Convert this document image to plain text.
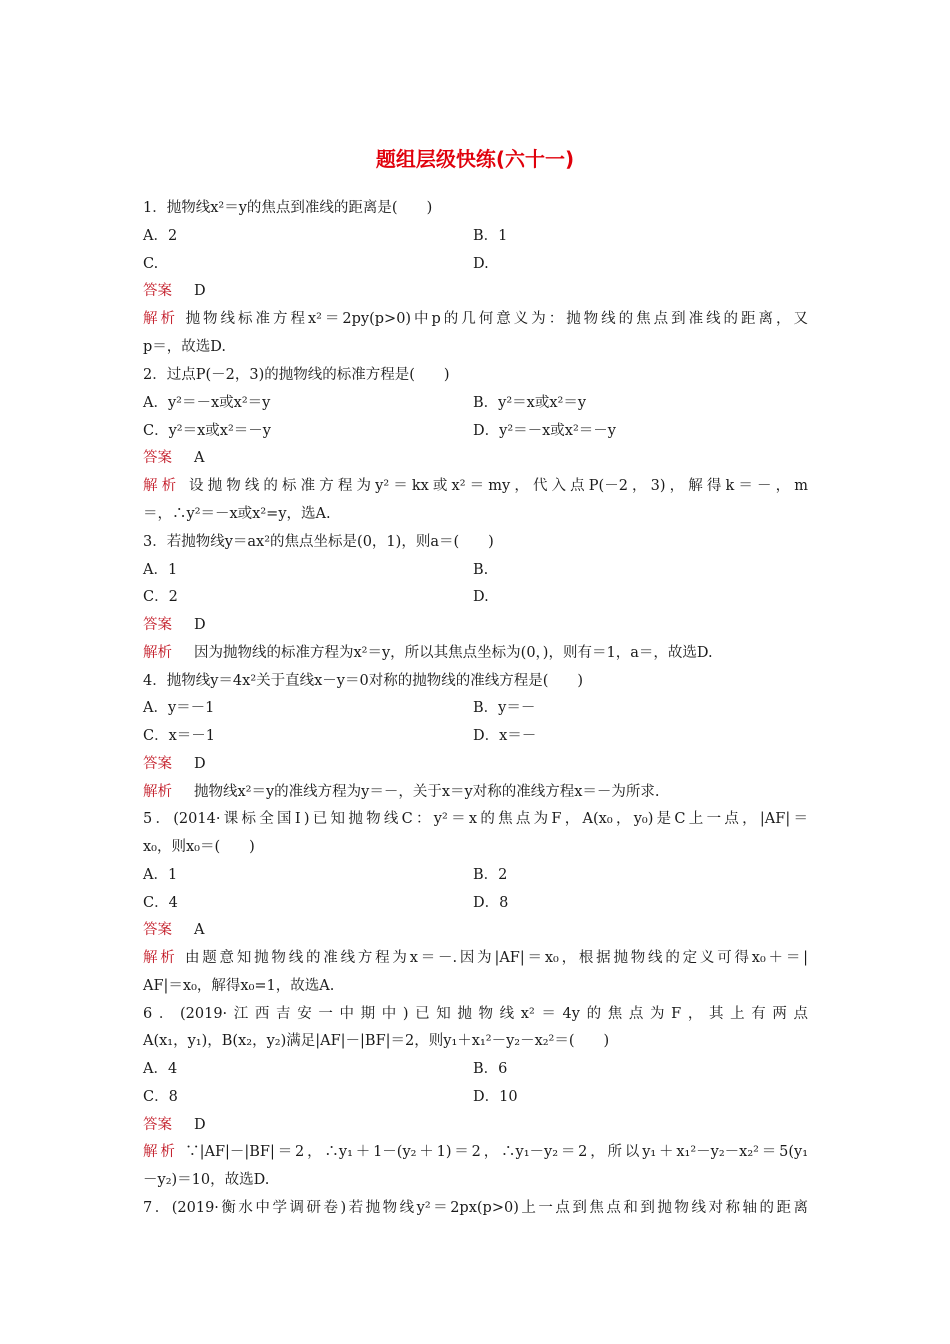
题组层级快练(六十一)
1．抛物线x²＝y的焦点到准线的距离是(　　)
A．2	B．1
C.	D.
答案 D
解析 抛物线标准方程x²＝2py(p>0)中p的几何意义为：抛物线的焦点到准线的距离，又
p＝，故选D.
2．过点P(－2，3)的抛物线的标准方程是(　　)
A．y²＝－x或x²＝y	B．y²＝x或x²＝y
C．y²＝x或x²＝－y	D．y²＝－x或x²＝－y
答案 A
解析 设抛物线的标准方程为y²＝kx或x²＝my，代入点P(－2，3)，解得k＝－，m
＝，∴y²＝－x或x²=y，选A.
3．若抛物线y＝ax²的焦点坐标是(0，1)，则a＝(　　)
A．1	B.
C．2	D.
答案 D
解析 因为抛物线的标准方程为x²＝y，所以其焦点坐标为(0，)，则有＝1，a＝，故选D.
4．抛物线y＝4x²关于直线x－y＝0对称的抛物线的准线方程是(　　)
A．y＝－1	B．y＝－
C．x＝－1	D．x＝－
答案 D
解析 抛物线x²＝y的准线方程为y＝－，关于x＝y对称的准线方程x＝－为所求.
5．(2014·课标全国Ⅰ)已知抛物线C：y²＝x的焦点为F，A(x₀，y₀)是C上一点，|AF|＝
x₀，则x₀＝(　　)
A．1	B．2
C．4	D．8
答案 A
解析 由题意知抛物线的准线方程为x＝－.因为|AF|＝x₀，根据抛物线的定义可得x₀＋＝|
AF|＝x₀，解得x₀=1，故选A.
6．(2019·江西吉安一中期中)已知抛物线x²＝4y的焦点为F，其上有两点
A(x₁，y₁)，B(x₂，y₂)满足|AF|－|BF|＝2，则y₁＋x₁²－y₂－x₂²＝(　　)
A．4	B．6
C．8	D．10
答案 D
解析 ∵|AF|－|BF|＝2，∴y₁＋1－(y₂＋1)＝2，∴y₁－y₂＝2，所以y₁＋x₁²－y₂－x₂²＝5(y₁
－y₂)＝10，故选D.
7．(2019·衡水中学调研卷)若抛物线y²＝2px(p>0)上一点到焦点和到抛物线对称轴的距离
